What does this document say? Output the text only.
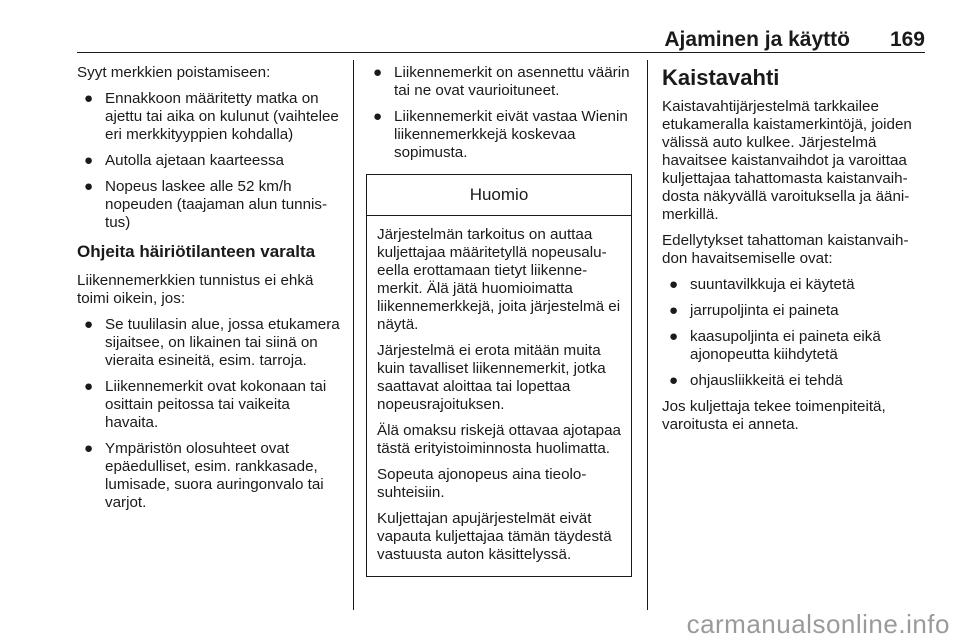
Ajaminen ja käyttö 169

Syyt merkkien poistamiseen:

● Ennakkoon määritetty matka on ajettu tai aika on kulunut (vaihtelee eri merkkityyppien kohdalla)
● Autolla ajetaan kaarteessa
● Nopeus laskee alle 52 km/h nopeuden (taajaman alun tunnistus)
Ohjeita häiriötilanteen varalta

Liikennemerkkien tunnistus ei ehkä toimi oikein, jos:

● Se tuulilasin alue, jossa etukamera sijaitsee, on likainen tai siinä on vieraita esineitä, esim. tarroja.
● Liikennemerkit ovat kokonaan tai osittain peitossa tai vaikeita havaita.
● Ympäristön olosuhteet ovat epäedulliset, esim. rankkasade, lumisade, suora auringonvalo tai varjot.
● Liikennemerkit on asennettu väärin tai ne ovat vaurioituneet.
● Liikennemerkit eivät vastaa Wienin liikennemerkkejä koskevaa sopimusta.
Huomio

Järjestelmän tarkoitus on auttaa kuljettajaa määritetyllä nopeusalueella erottamaan tietyt liikennemerkit. Älä jätä huomioimatta liikennemerkkejä, joita järjestelmä ei näytä.

Järjestelmä ei erota mitään muita kuin tavalliset liikennemerkit, jotka saattavat aloittaa tai lopettaa nopeusrajoituksen.

Älä omaksu riskejä ottavaa ajotapaa tästä erityistoiminnosta huolimatta.

Sopeuta ajonopeus aina tieolosuhteisiin.

Kuljettajan apujärjestelmät eivät vapauta kuljettajaa tämän täydestä vastuusta auton käsittelyssä.

Kaistavahti

Kaistavahtijärjestelmä tarkkailee etukameralla kaistamerkintöjä, joiden välissä auto kulkee. Järjestelmä havaitsee kaistanvaihdot ja varoittaa kuljettajaa tahattomasta kaistanvaihdosta näkyvällä varoituksella ja äänimerkillä.

Edellytykset tahattoman kaistanvaihdon havaitsemiselle ovat:

● suuntavilkkuja ei käytetä
● jarrupoljinta ei paineta
● kaasupoljinta ei paineta eikä ajonopeutta kiihdytetä
● ohjausliikkeitä ei tehdä

Jos kuljettaja tekee toimenpiteitä, varoitusta ei anneta.

carmanualsonline.info
